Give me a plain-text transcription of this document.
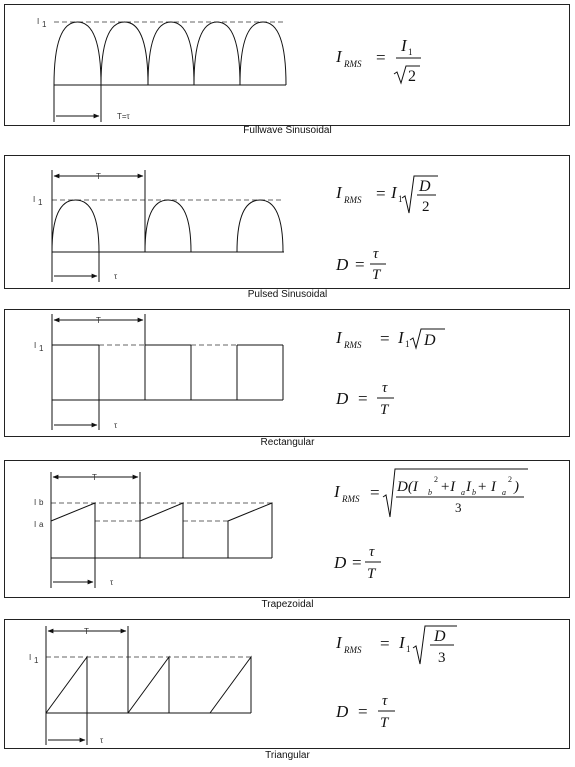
Fullwave Sinusoidal
Pulsed Sinusoidal
Rectangular
Trapezoidal
Triangular
I 1
T=τ
I RMS =
I 1
2
I 1
T
τ
I RMS = I 1
D
2
D =
τ
T
I 1
T
τ
I RMS = I 1 D
D =
τ
T
I b
I a
T
τ
I RMS = D(I b
2 +I a I b + I a
2 )
3
D =
τ
T
I 1
T
τ
I RMS = I 1
D
3
D =
τ
T
